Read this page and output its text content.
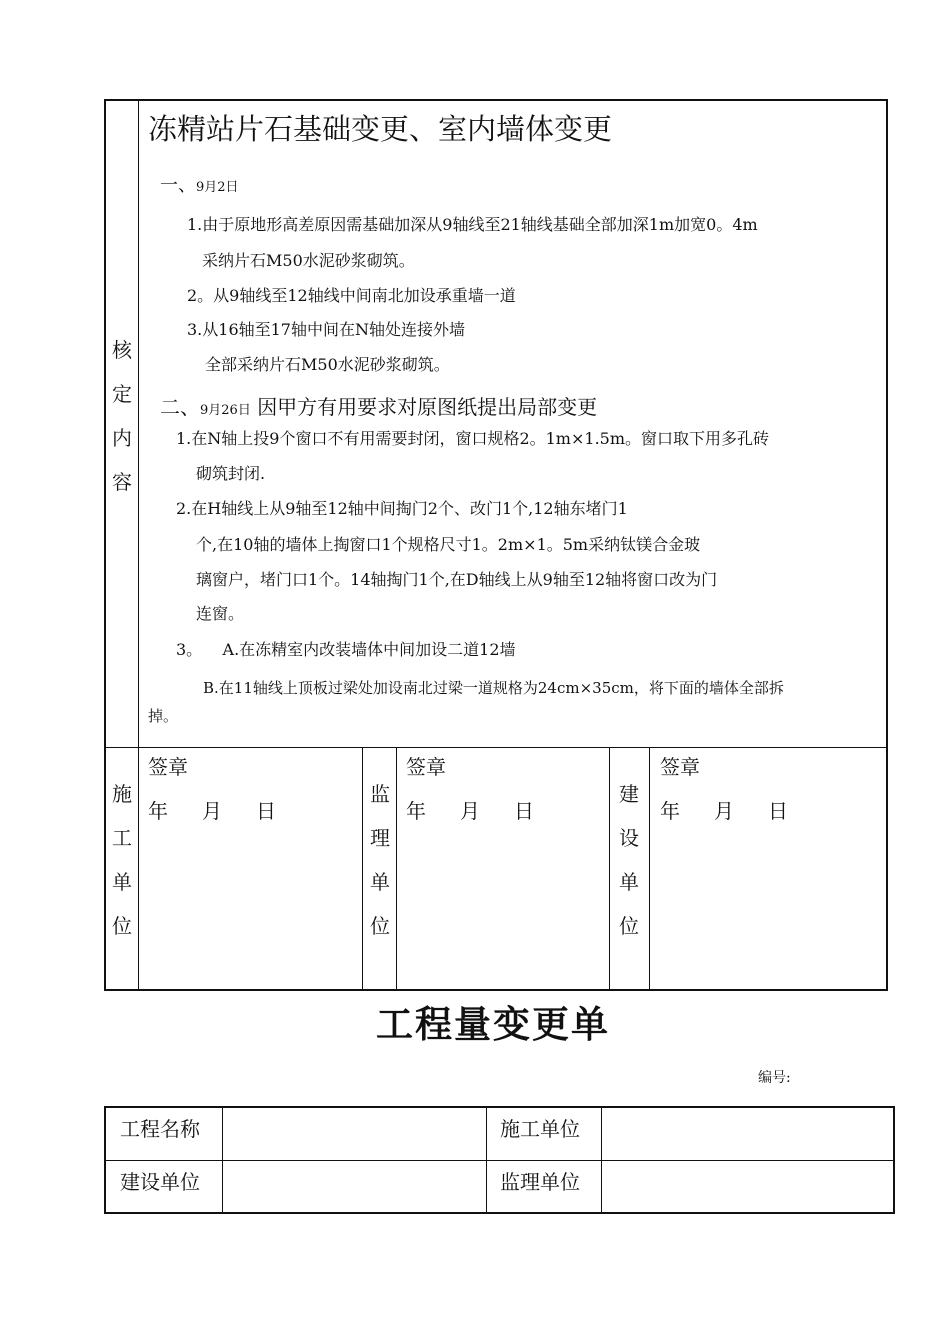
核
定
内
容
冻精站片石基础变更、室内墙体变更
一、9月2日
1.由于原地形高差原因需基础加深从9轴线至21轴线基础全部加深1m加宽0。4m
采纳片石M50水泥砂浆砌筑。
2。从9轴线至12轴线中间南北加设承重墙一道
3.从16轴至17轴中间在N轴处连接外墙
全部采纳片石M50水泥砂浆砌筑。
二、9月26日 因甲方有用要求对原图纸提出局部变更
1.在N轴上投9个窗口不有用需要封闭，窗口规格2。1m×1.5m。窗口取下用多孔砖
砌筑封闭.
2.在H轴线上从9轴至12轴中间掏门2个、改门1个,12轴东堵门1
个,在10轴的墙体上掏窗口1个规格尺寸1。2m×1。5m采纳钛镁合金玻
璃窗户，堵门口1个。14轴掏门1个,在D轴线上从9轴至12轴将窗口改为门
连窗。
3。 A.在冻精室内改装墙体中间加设二道12墙
B.在11轴线上顶板过梁处加设南北过梁一道规格为24cm×35cm，将下面的墙体全部拆
掉。
施
工
单
位
签章
年 月 日
监
理
单
位
签章
年 月 日
建
设
单
位
签章
年 月 日
工程量变更单
编号:
工程名称	施工单位
建设单位	监理单位
